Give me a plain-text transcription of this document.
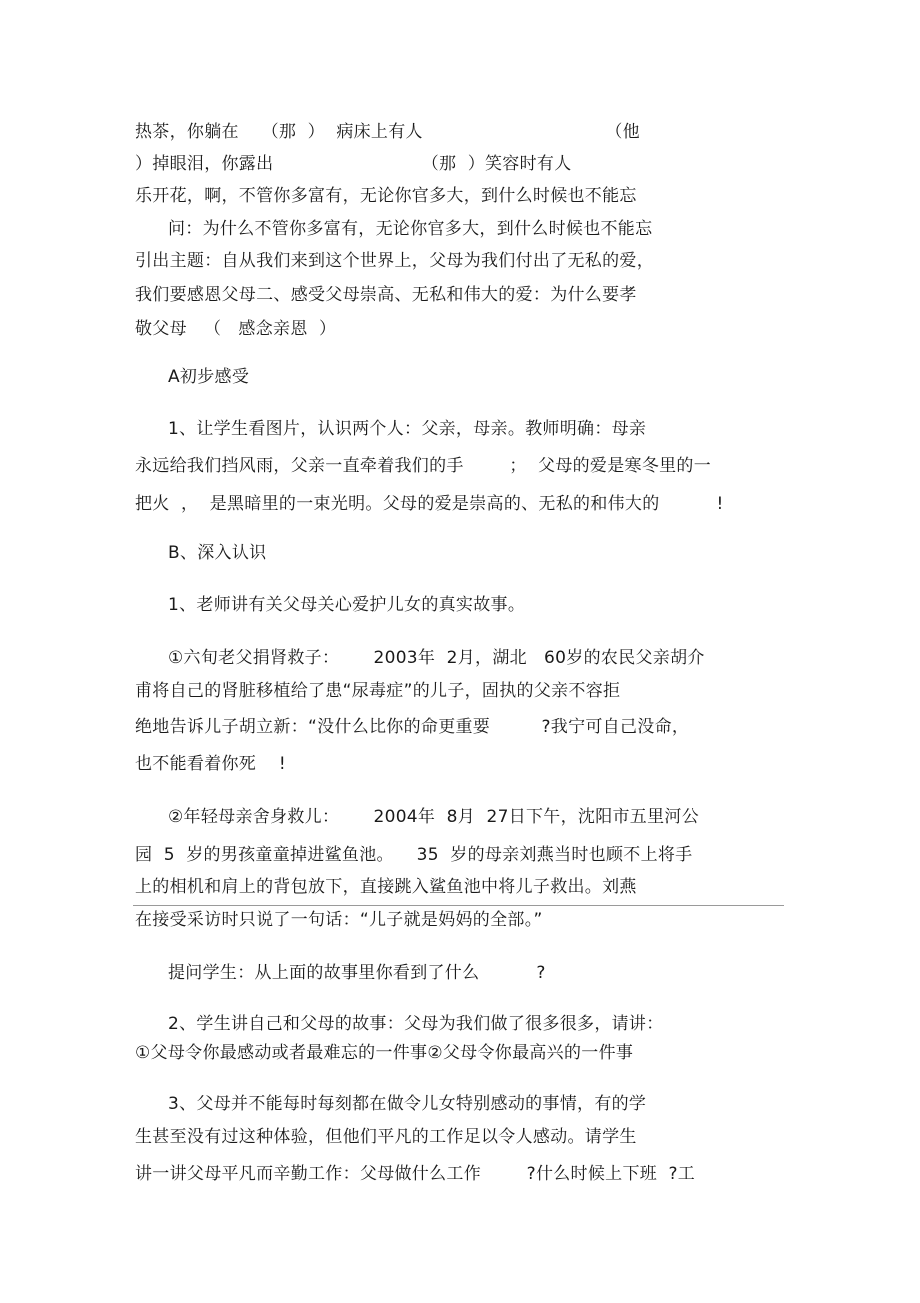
热茶，你躺在    （那  ）  病床上有人                                （他
）掉眼泪，你露出                          （那  ）笑容时有人
乐开花，啊，不管你多富有，无论你官多大，到什么时候也不能忘
问：为什么不管你多富有，无论你官多大，到什么时候也不能忘
引出主题：自从我们来到这个世界上，父母为我们付出了无私的爱，
我们要感恩父母二、感受父母崇高、无私和伟大的爱：为什么要孝
敬父母   （   感念亲恩  ）
A初步感受
1、让学生看图片，认识两个人：父亲，母亲。教师明确：母亲
永远给我们挡风雨，父亲一直牵着我们的手        ；  父母的爱是寒冬里的一
把火  ，  是黑暗里的一束光明。父母的爱是崇高的、无私的和伟大的          !
B、深入认识
1、老师讲有关父母关心爱护儿女的真实故事。
①六旬老父捐肾救子：      2003年  2月，湖北   60岁的农民父亲胡介
甫将自己的肾脏移植给了患“尿毒症”的儿子，固执的父亲不容拒
绝地告诉儿子胡立新：“没什么比你的命更重要         ?我宁可自己没命，
也不能看着你死    !
②年轻母亲舍身救儿：      2004年  8月  27日下午，沈阳市五里河公
园  5  岁的男孩童童掉进鲨鱼池。    35  岁的母亲刘燕当时也顾不上将手
上的相机和肩上的背包放下，直接跳入鲨鱼池中将儿子救出。刘燕
在接受采访时只说了一句话：“儿子就是妈妈的全部。”
提问学生：从上面的故事里你看到了什么          ?
2、学生讲自己和父母的故事：父母为我们做了很多很多，请讲：
①父母令你最感动或者最难忘的一件事②父母令你最高兴的一件事
3、父母并不能每时每刻都在做令儿女特别感动的事情，有的学
生甚至没有过这种体验，但他们平凡的工作足以令人感动。请学生
讲一讲父母平凡而辛勤工作：父母做什么工作        ?什么时候上下班  ?工
